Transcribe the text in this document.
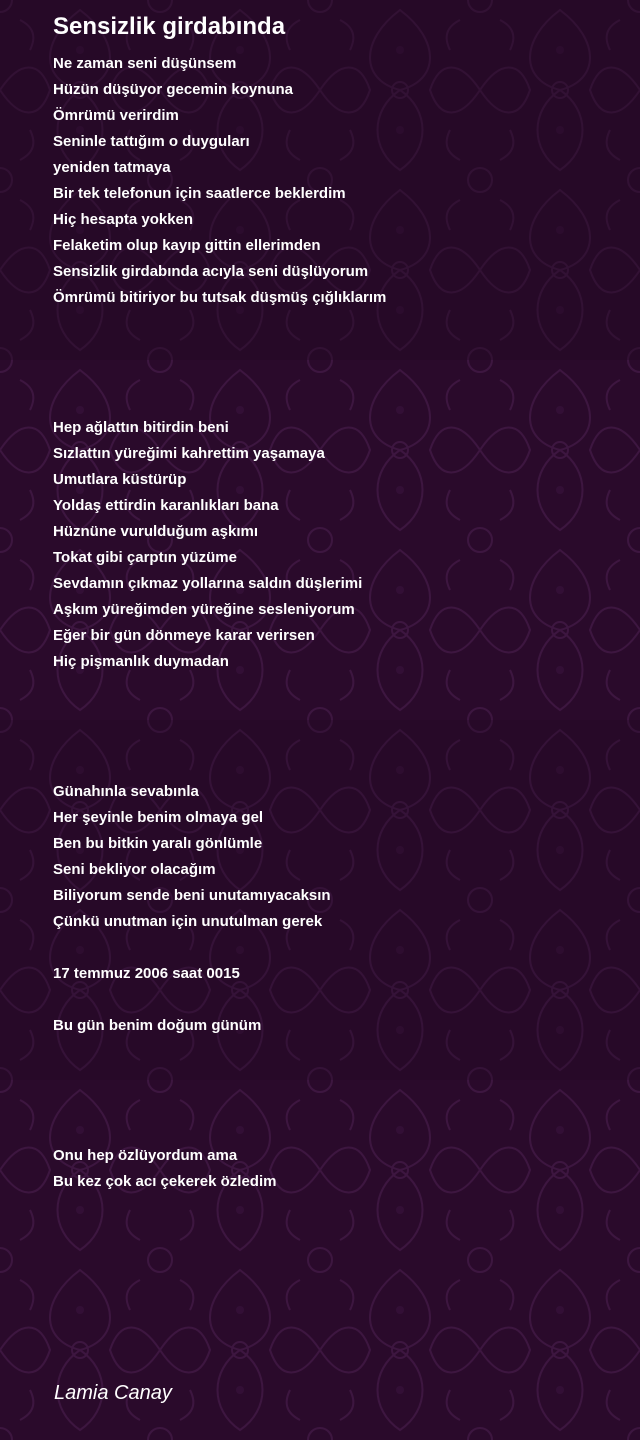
Sensizlik girdabında
Ne zaman seni düşünsem
Hüzün düşüyor gecemin koynuna
Ömrümü verirdim
Seninle tattığım o duyguları
yeniden tatmaya
Bir tek telefonun için saatlerce beklerdim
Hiç hesapta yokken
Felaketim olup kayıp gittin ellerimden
Sensizlik girdabında acıyla seni düşlüyorum
Ömrümü bitiriyor bu tutsak düşmüş çığlıklarım
Hep ağlattın bitirdin beni
Sızlattın yüreğimi kahrettim yaşamaya
Umutlara küstürüp
Yoldaş ettirdin karanlıkları bana
Hüznüne vurulduğum aşkımı
Tokat gibi çarptın yüzüme
Sevdamın çıkmaz yollarına saldın düşlerimi
Aşkım yüreğimden yüreğine sesleniyorum
Eğer bir gün dönmeye karar verirsen
Hiç pişmanlık duymadan
Günahınla sevabınla
Her şeyinle benim olmaya gel
Ben bu bitkin yaralı gönlümle
Seni bekliyor olacağım
Biliyorum sende beni unutamıyacaksın
Çünkü unutman için unutulman gerek
17 temmuz 2006 saat 0015
Bu gün benim doğum günüm
Onu hep özlüyordum ama
Bu kez çok acı çekerek özledim
Lamia Canay
